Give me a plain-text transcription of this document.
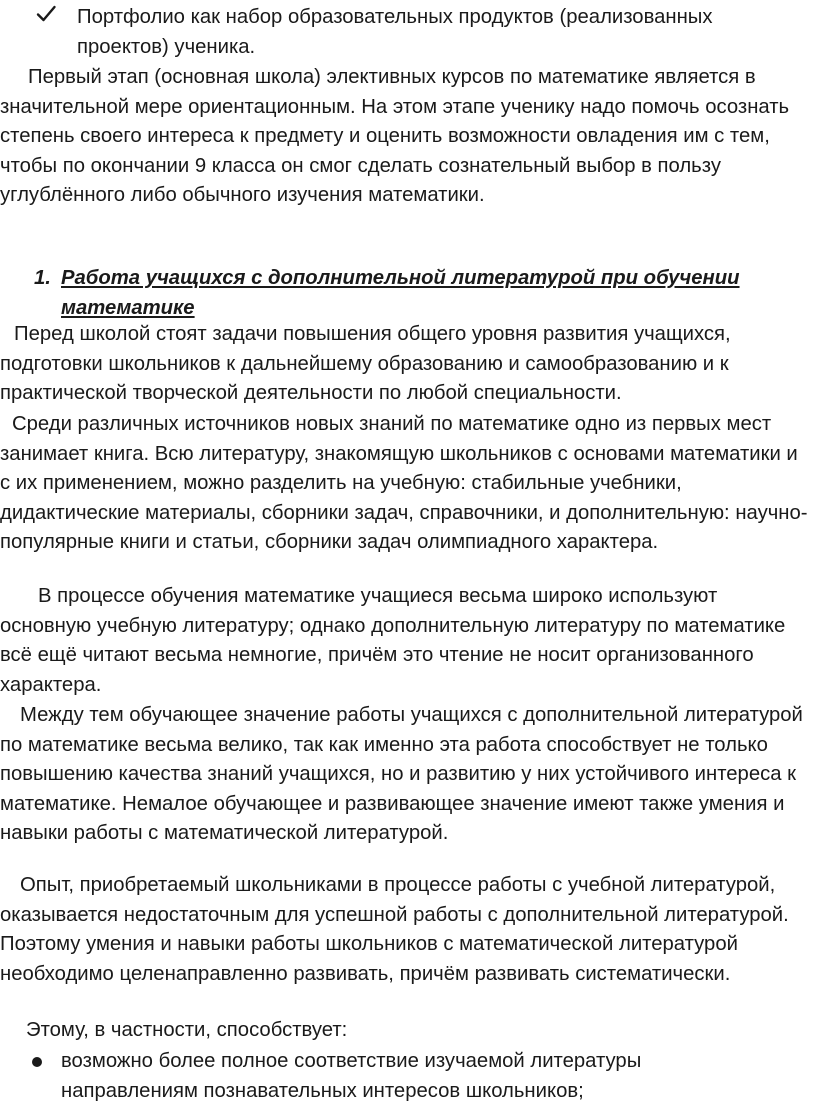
Портфолио как набор образовательных продуктов (реализованных проектов) ученика.

Первый этап (основная школа) элективных курсов по математике является в значительной мере ориентационным. На этом этапе ученику надо помочь осознать степень своего интереса к предмету и оценить возможности овладения им с тем, чтобы по окончании 9 класса он смог сделать сознательный выбор в пользу углублённого либо обычного изучения математики.

1. Работа учащихся с дополнительной литературой при обучении математике

Перед школой стоят задачи повышения общего уровня развития учащихся, подготовки школьников к дальнейшему образованию и самообразованию и к практической творческой деятельности по любой специальности.

Среди различных источников новых знаний по математике одно из первых мест занимает книга. Всю литературу, знакомящую школьников с основами математики и с их применением, можно разделить на учебную: стабильные учебники, дидактические материалы, сборники задач, справочники, и дополнительную: научно-популярные книги и статьи, сборники задач олимпиадного характера.

В процессе обучения математике учащиеся весьма широко используют основную учебную литературу; однако дополнительную литературу по математике всё ещё читают весьма немногие, причём это чтение не носит организованного характера.

Между тем обучающее значение работы учащихся с дополнительной литературой по математике весьма велико, так как именно эта работа способствует не только повышению качества знаний учащихся, но и развитию у них устойчивого интереса к математике. Немалое обучающее и развивающее значение имеют также умения и навыки работы с математической литературой.

Опыт, приобретаемый школьниками в процессе работы с учебной литературой, оказывается недостаточным для успешной работы с дополнительной литературой. Поэтому умения и навыки работы школьников с математической литературой необходимо целенаправленно развивать, причём развивать систематически.

Этому, в частности, способствует:

возможно более полное соответствие изучаемой литературы направлениям познавательных интересов школьников;
